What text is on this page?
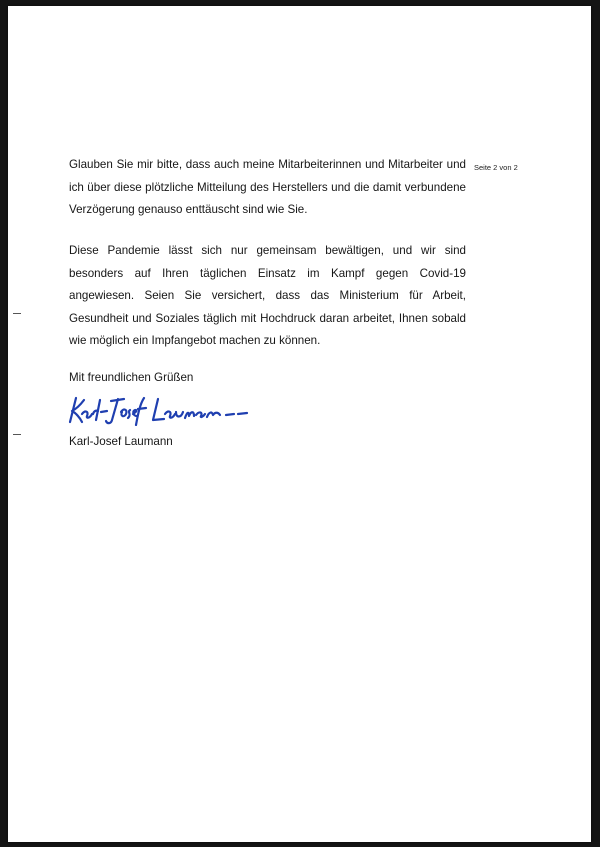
Seite 2 von 2
Glauben Sie mir bitte, dass auch meine Mitarbeiterinnen und Mitarbeiter und ich über diese plötzliche Mitteilung des Herstellers und die damit verbundene Verzögerung genauso enttäuscht sind wie Sie.
Diese Pandemie lässt sich nur gemeinsam bewältigen, und wir sind besonders auf Ihren täglichen Einsatz im Kampf gegen Covid-19 angewiesen. Seien Sie versichert, dass das Ministerium für Arbeit, Gesundheit und Soziales täglich mit Hochdruck daran arbeitet, Ihnen sobald wie möglich ein Impfangebot machen zu können.
Mit freundlichen Grüßen
Karl-Josef Laumann
